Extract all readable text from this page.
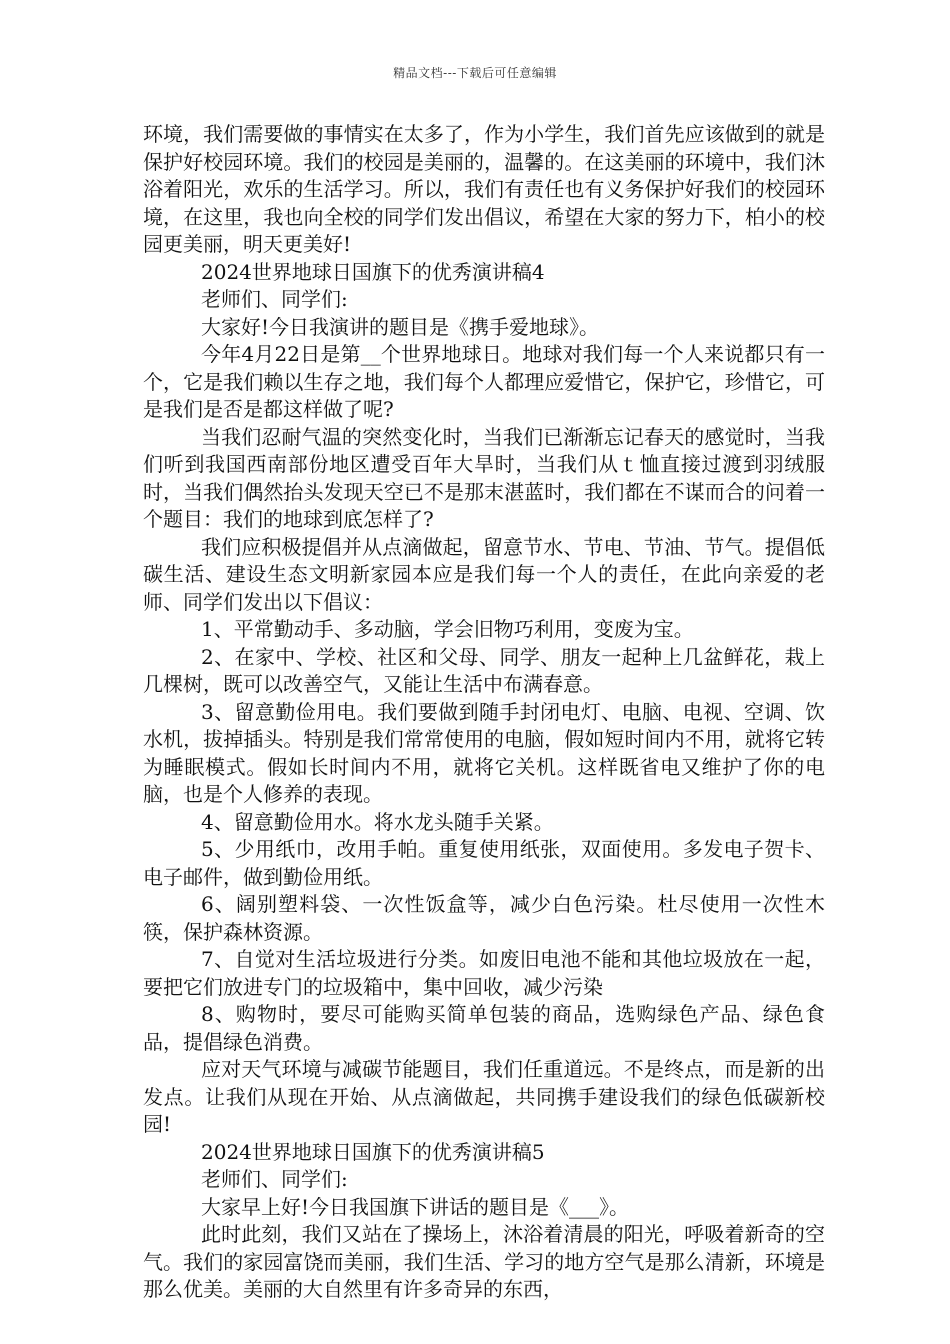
精品文档---下载后可任意编辑

环境，我们需要做的事情实在太多了，作为小学生，我们首先应该做到的就是保护好校园环境。我们的校园是美丽的，温馨的。在这美丽的环境中，我们沐浴着阳光，欢乐的生活学习。所以，我们有责任也有义务保护好我们的校园环境，在这里，我也向全校的同学们发出倡议，希望在大家的努力下，柏小的校园更美丽，明天更美好!

2024世界地球日国旗下的优秀演讲稿4

老师们、同学们:

大家好!今日我演讲的题目是《携手爱地球》。

今年4月22日是第__个世界地球日。地球对我们每一个人来说都只有一个，它是我们赖以生存之地，我们每个人都理应爱惜它，保护它，珍惜它，可是我们是否是都这样做了呢?

当我们忍耐气温的突然变化时，当我们已渐渐忘记春天的感觉时，当我们听到我国西南部份地区遭受百年大旱时，当我们从ｔ恤直接过渡到羽绒服时，当我们偶然抬头发现天空已不是那末湛蓝时，我们都在不谋而合的问着一个题目：我们的地球到底怎样了?

我们应积极提倡并从点滴做起，留意节水、节电、节油、节气。提倡低碳生活、建设生态文明新家园本应是我们每一个人的责任，在此向亲爱的老师、同学们发出以下倡议：

1、平常勤动手、多动脑，学会旧物巧利用，变废为宝。

2、在家中、学校、社区和父母、同学、朋友一起种上几盆鲜花，栽上几棵树，既可以改善空气，又能让生活中布满春意。

3、留意勤俭用电。我们要做到随手封闭电灯、电脑、电视、空调、饮水机，拔掉插头。特别是我们常常使用的电脑，假如短时间内不用，就将它转为睡眠模式。假如长时间内不用，就将它关机。这样既省电又维护了你的电脑，也是个人修养的表现。

4、留意勤俭用水。将水龙头随手关紧。

5、少用纸巾，改用手帕。重复使用纸张，双面使用。多发电子贺卡、电子邮件，做到勤俭用纸。

6、阔别塑料袋、一次性饭盒等，减少白色污染。杜尽使用一次性木筷，保护森林资源。

7、自觉对生活垃圾进行分类。如废旧电池不能和其他垃圾放在一起，要把它们放进专门的垃圾箱中，集中回收，减少污染

8、购物时，要尽可能购买简单包装的商品，选购绿色产品、绿色食品，提倡绿色消费。

应对天气环境与减碳节能题目，我们任重道远。不是终点，而是新的出发点。让我们从现在开始、从点滴做起，共同携手建设我们的绿色低碳新校园!

2024世界地球日国旗下的优秀演讲稿5

老师们、同学们:

大家早上好!今日我国旗下讲话的题目是《___》。

此时此刻，我们又站在了操场上，沐浴着清晨的阳光，呼吸着新奇的空气。我们的家园富饶而美丽，我们生活、学习的地方空气是那么清新，环境是那么优美。美丽的大自然里有许多奇异的东西，
